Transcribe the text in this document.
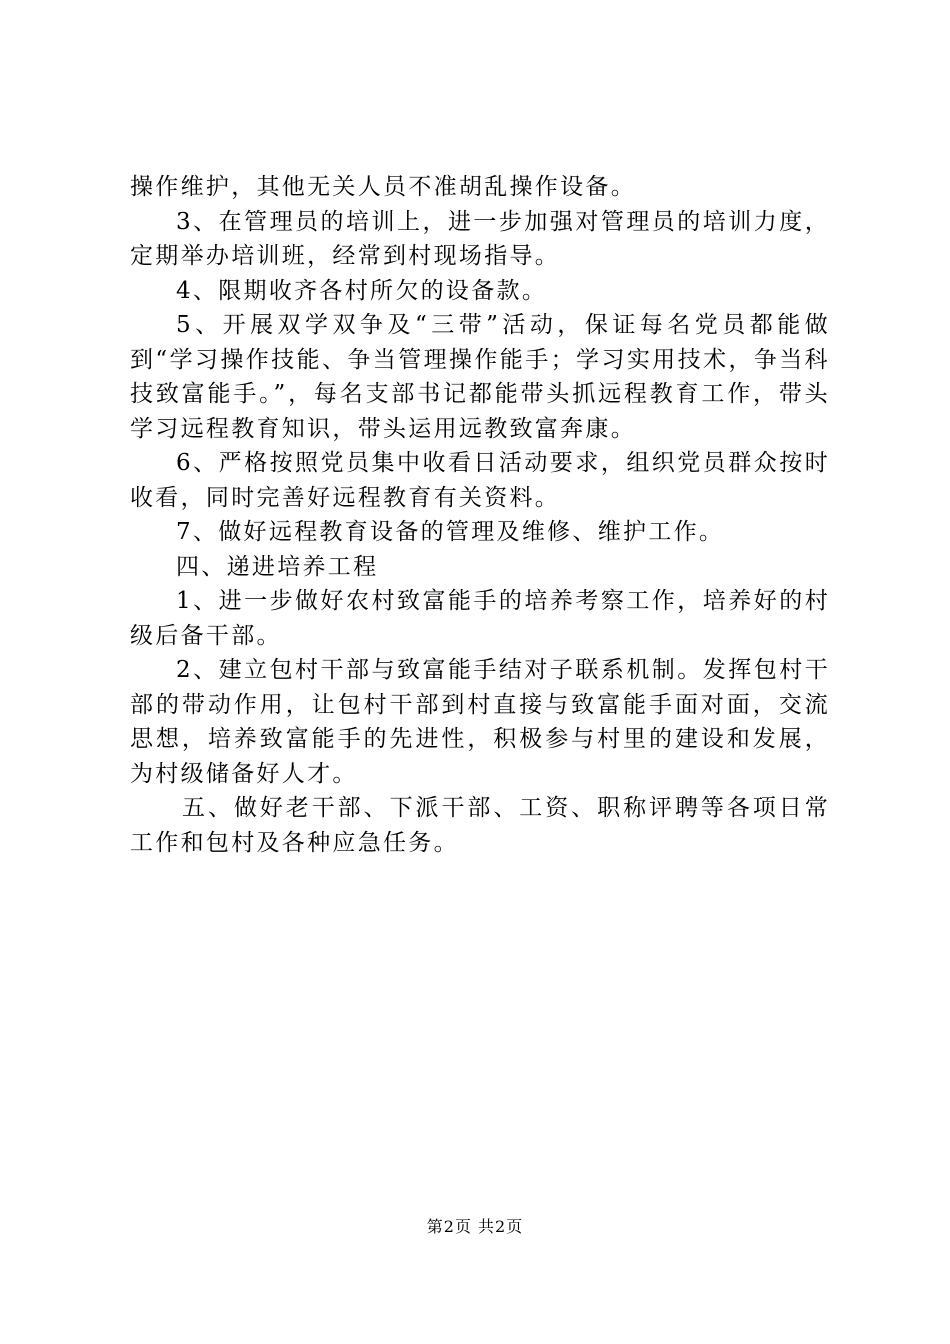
操作维护，其他无关人员不准胡乱操作设备。

3、在管理员的培训上，进一步加强对管理员的培训力度，定期举办培训班，经常到村现场指导。

4、限期收齐各村所欠的设备款。

5、开展双学双争及“三带”活动，保证每名党员都能做到“学习操作技能、争当管理操作能手；学习实用技术，争当科技致富能手。”，每名支部书记都能带头抓远程教育工作，带头学习远程教育知识，带头运用远教致富奔康。

6、严格按照党员集中收看日活动要求，组织党员群众按时收看，同时完善好远程教育有关资料。

7、做好远程教育设备的管理及维修、维护工作。

四、递进培养工程

1、进一步做好农村致富能手的培养考察工作，培养好的村级后备干部。

2、建立包村干部与致富能手结对子联系机制。发挥包村干部的带动作用，让包村干部到村直接与致富能手面对面，交流思想，培养致富能手的先进性，积极参与村里的建设和发展，为村级储备好人才。

五、做好老干部、下派干部、工资、职称评聘等各项日常工作和包村及各种应急任务。

第2页 共2页
